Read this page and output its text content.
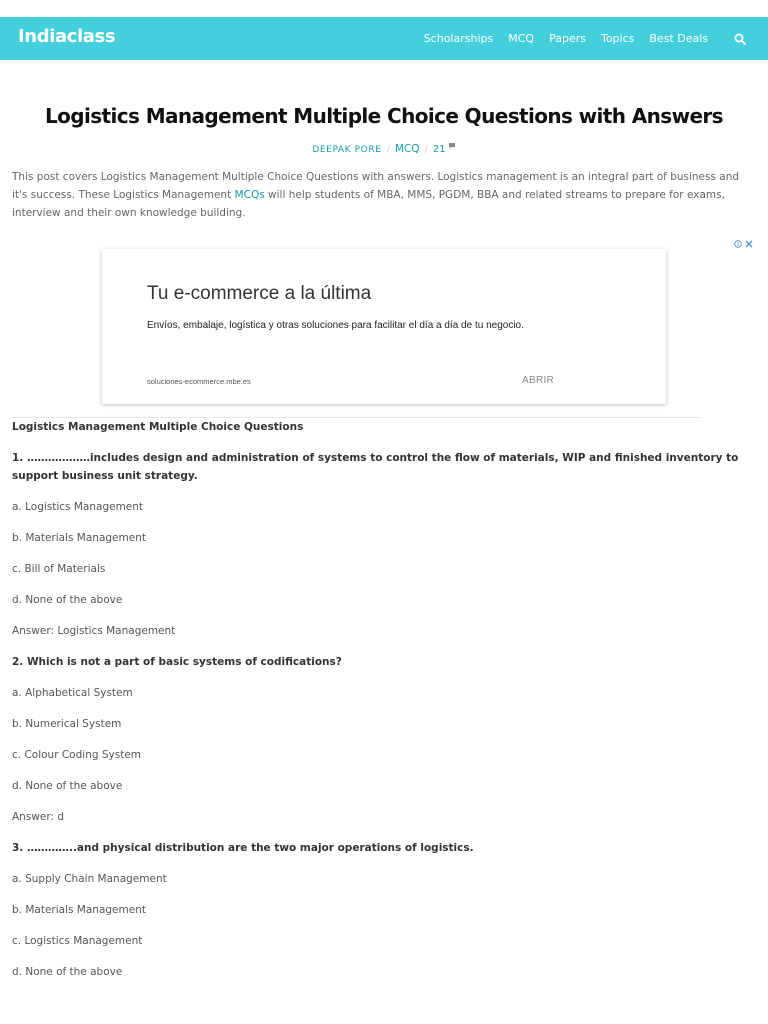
Indiaclass	Scholarships MCQ Papers Topics Best Deals
Logistics Management Multiple Choice Questions with Answers
DEEPAK PORE / MCQ / 21

This post covers Logistics Management Multiple Choice Questions with answers. Logistics management is an integral part of business and it's success. These Logistics Management MCQs will help students of MBA, MMS, PGDM, BBA and related streams to prepare for exams, interview and their own knowledge building.

Tu e-commerce a la última
Envíos, embalaje, logística y otras soluciones para facilitar el día a día de tu negocio.
soluciones-ecommerce.mbe.es	ABRIR
Logistics Management Multiple Choice Questions
1. ………………includes design and administration of systems to control the flow of materials, WIP and finished inventory to support business unit strategy.
a. Logistics Management
b. Materials Management
c. Bill of Materials
d. None of the above
Answer: Logistics Management
2. Which is not a part of basic systems of codifications?
a. Alphabetical System
b. Numerical System
c. Colour Coding System
d. None of the above
Answer: d
3. …………..and physical distribution are the two major operations of logistics.
a. Supply Chain Management
b. Materials Management
c. Logistics Management
d. None of the above
